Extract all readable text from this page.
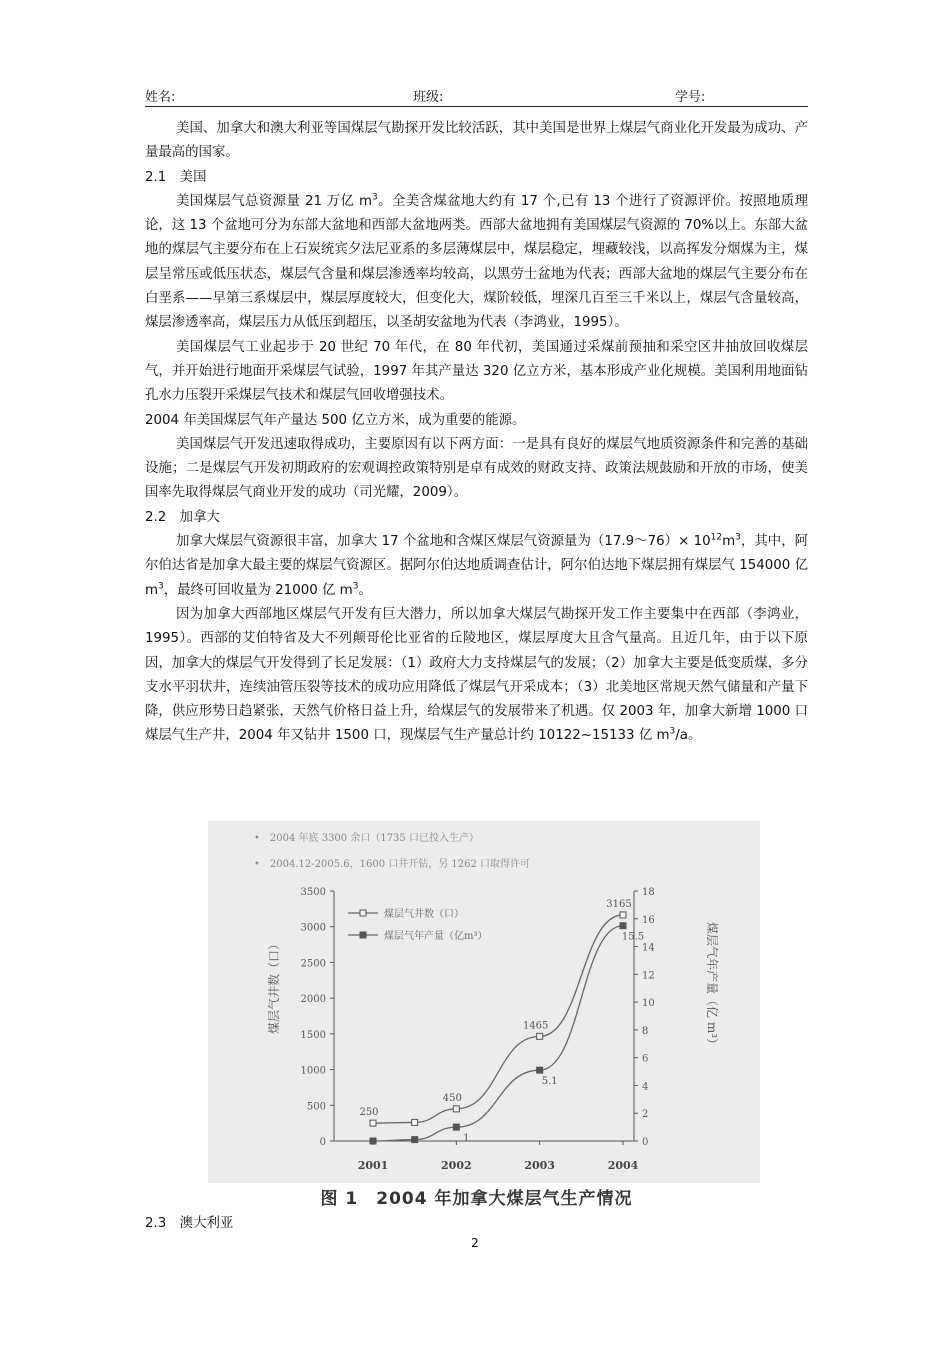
姓名:	班级:	学号:

美国、加拿大和澳大利亚等国煤层气勘探开发比较活跃，其中美国是世界上煤层气商业化开发最为成功、产量最高的国家。

2.1　美国

美国煤层气总资源量 21 万亿 $m^3$。全美含煤盆地大约有 17 个,已有 13 个进行了资源评价。按照地质理论，这 13 个盆地可分为东部大盆地和西部大盆地两类。西部大盆地拥有美国煤层气资源的 70%以上。东部大盆地的煤层气主要分布在上石炭统宾夕法尼亚系的多层薄煤层中，煤层稳定，埋藏较浅，以高挥发分烟煤为主，煤层呈常压或低压状态，煤层气含量和煤层渗透率均较高，以黑劳士盆地为代表；西部大盆地的煤层气主要分布在白垩系——早第三系煤层中，煤层厚度较大，但变化大，煤阶较低，埋深几百至三千米以上，煤层气含量较高，煤层渗透率高，煤层压力从低压到超压，以圣胡安盆地为代表（李鸿业，1995）。

美国煤层气工业起步于 20 世纪 70 年代，在 80 年代初，美国通过采煤前预抽和采空区井抽放回收煤层气，并开始进行地面开采煤层气试验，1997 年其产量达 320 亿立方米，基本形成产业化规模。美国利用地面钻孔水力压裂开采煤层气技术和煤层气回收增强技术。

2004 年美国煤层气年产量达 500 亿立方米，成为重要的能源。

美国煤层气开发迅速取得成功，主要原因有以下两方面：一是具有良好的煤层气地质资源条件和完善的基础设施；二是煤层气开发初期政府的宏观调控政策特别是卓有成效的财政支持、政策法规鼓励和开放的市场，使美国率先取得煤层气商业开发的成功（司光耀，2009）。

2.2　加拿大

加拿大煤层气资源很丰富，加拿大 17 个盆地和含煤区煤层气资源量为（17.9～76）× $10^{12}m^3$，其中，阿尔伯达省是加拿大最主要的煤层气资源区。据阿尔伯达地质调查估计，阿尔伯达地下煤层拥有煤层气 154000 亿 $m^3$，最终可回收量为 21000 亿 $m^3$。

因为加拿大西部地区煤层气开发有巨大潜力，所以加拿大煤层气勘探开发工作主要集中在西部（李鸿业，1995）。西部的艾伯特省及大不列颠哥伦比亚省的丘陵地区，煤层厚度大且含气量高。且近几年，由于以下原因，加拿大的煤层气开发得到了长足发展：（1）政府大力支持煤层气的发展；（2）加拿大主要是低变质煤，多分支水平羽状井，连续油管压裂等技术的成功应用降低了煤层气开采成本；（3）北美地区常规天然气储量和产量下降，供应形势日趋紧张，天然气价格日益上升，给煤层气的发展带来了机遇。仅 2003 年，加拿大新增 1000 口煤层气生产井，2004 年又钻井 1500 口，现煤层气生产量总计约 10122~15133 亿 $m^3/a$。

•　2004 年底 3300 余口（1735 口已投入生产）
•　2004.12-2005.6，1600 口井开钻，另 1262 口取得许可
0
500
1000
1500
2000
2500
3000
3500
0
2
4
6
8
10
12
14
16
18
2001	2002	2003	2004
煤层气井数（口）	煤层气年产量（亿 m³）
250
450
1465
3165
1
5.1
15.5
煤层气井数（口）
煤层气年产量（亿m³）
图 1　2004 年加拿大煤层气生产情况
2.3　澳大利亚
2
